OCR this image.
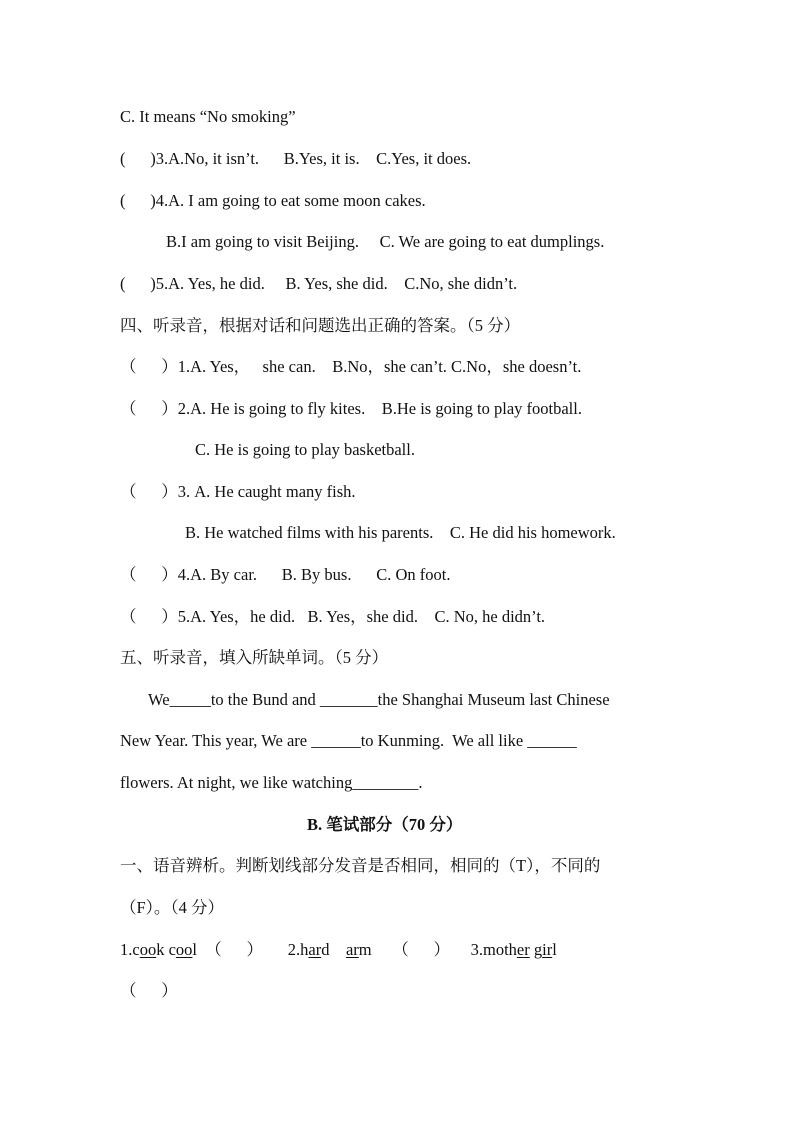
C. It means “No smoking”
(      )3.A.No, it isn’t.      B.Yes, it is.    C.Yes, it does.
(      )4.A. I am going to eat some moon cakes.
B.I am going to visit Beijing.     C. We are going to eat dumplings.
(      )5.A. Yes, he did.     B. Yes, she did.    C.No, she didn’t.
四、听录音，根据对话和问题选出正确的答案。（5 分）
（      ）1.A. Yes，   she can.    B.No，she can’t. C.No，she doesn’t.
（      ）2.A. He is going to fly kites.    B.He is going to play football.
C. He is going to play basketball.
（      ）3. A. He caught many fish.
B. He watched films with his parents.    C. He did his homework.
（      ）4.A. By car.      B. By bus.      C. On foot.
（      ）5.A. Yes，he did.   B. Yes，she did.    C. No, he didn’t.
五、听录音，填入所缺单词。（5 分）
We_____to the Bund and _______the Shanghai Museum last Chinese
New Year. This year, We are ______to Kunming.  We all like ______
flowers. At night, we like watching________.
B. 笔试部分（70 分）
一、语音辨析。判断划线部分发音是否相同，相同的（T），不同的
（F）。（4 分）
1.cook cool  （      ）      2.hard    arm     （      ）     3.mother girl
（      ）
